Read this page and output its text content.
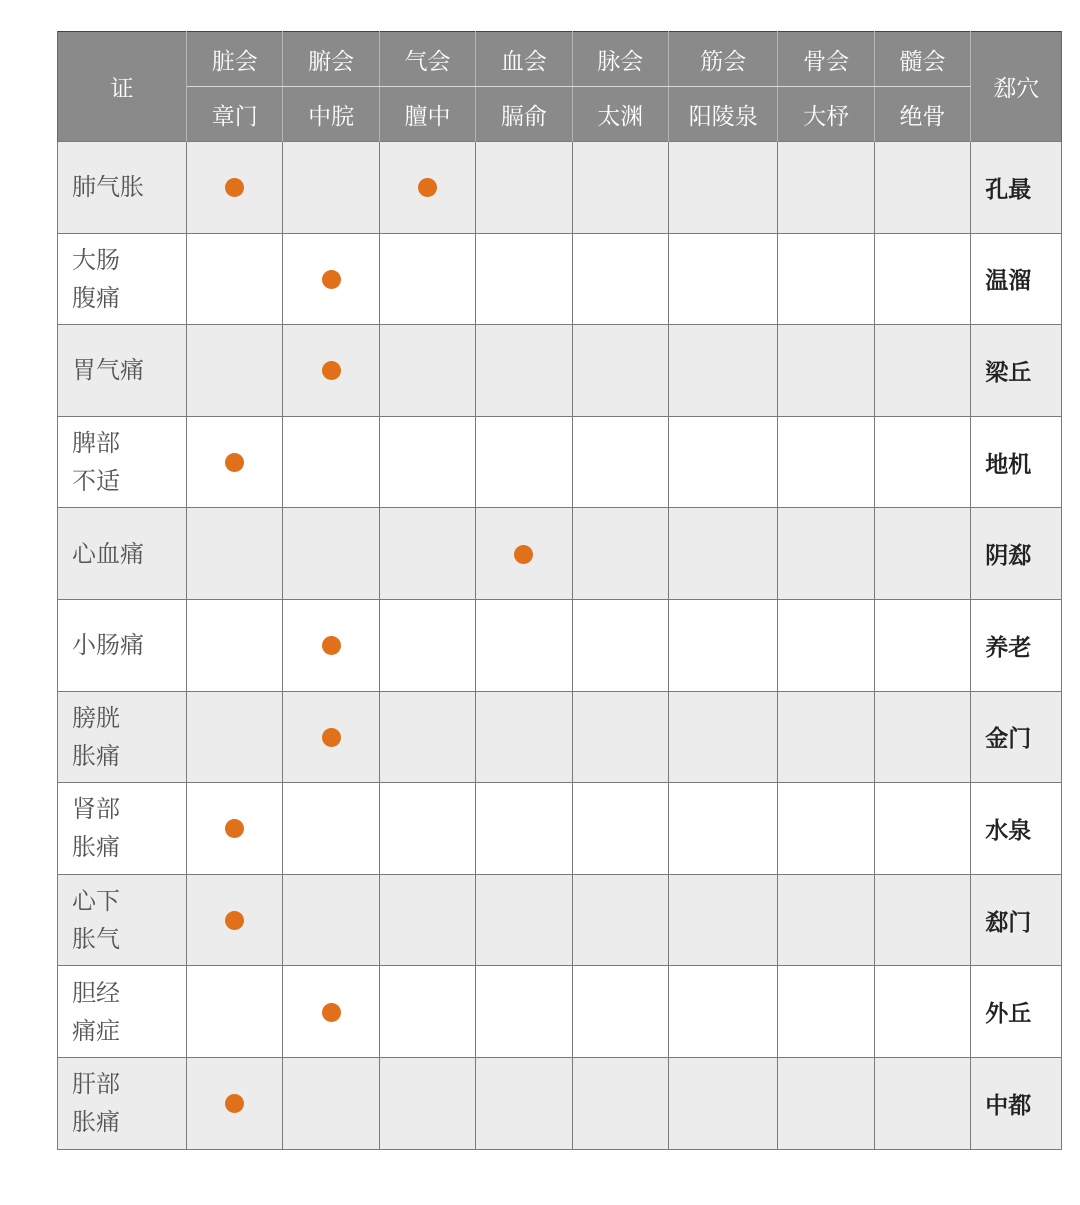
证	脏会	腑会	气会	血会	脉会	筋会	骨会	髓会	郄穴
	章门	中脘	膻中	膈俞	太渊	阳陵泉	大杼	绝骨	

肺气胀									孔最

大肠
腹痛									温溜

胃气痛									梁丘

脾部
不适									地机

心血痛									阴郄

小肠痛									养老

膀胱
胀痛									金门

肾部
胀痛									水泉

心下
胀气									郄门

胆经
痛症									外丘

肝部
胀痛									中都
